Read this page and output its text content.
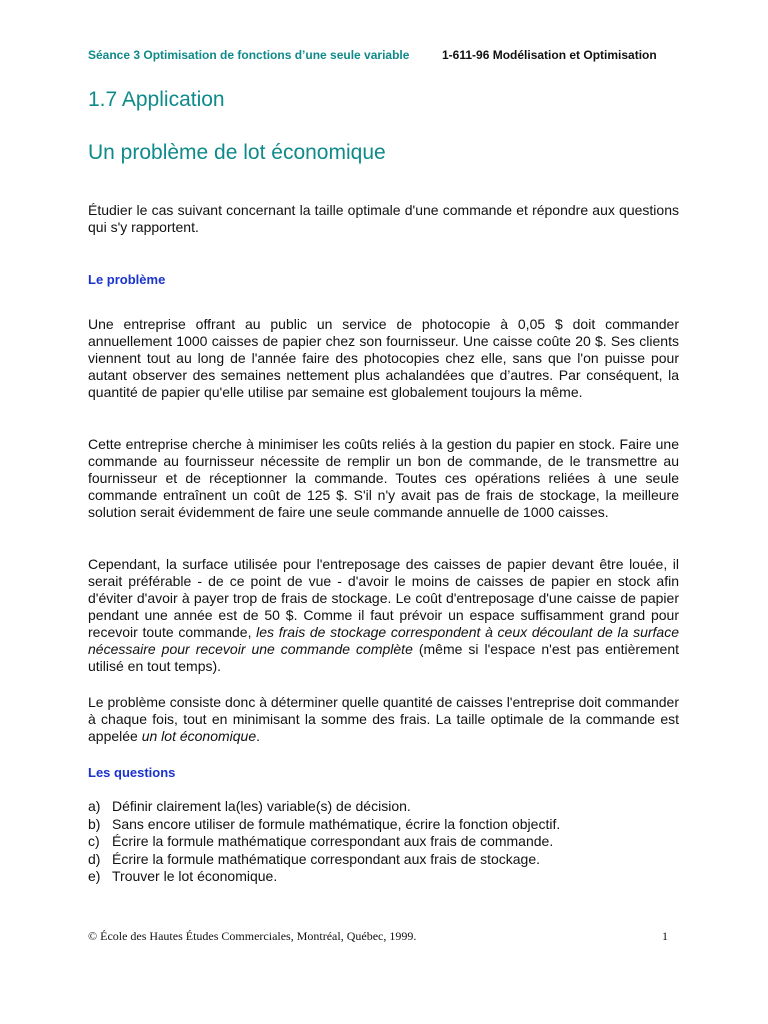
Séance 3 Optimisation de fonctions d’une seule variable	1-611-96 Modélisation et Optimisation
1.7 Application
Un problème de lot économique

Étudier le cas suivant concernant la taille optimale d'une commande et répondre aux questions qui s'y rapportent.

Le problème

Une entreprise offrant au public un service de photocopie à 0,05 $ doit commander annuellement 1000 caisses de papier chez son fournisseur. Une caisse coûte 20 $. Ses clients viennent tout au long de l'année faire des photocopies chez elle, sans que l'on puisse pour autant observer des semaines nettement plus achalandées que d’autres. Par conséquent, la quantité de papier qu'elle utilise par semaine est globalement toujours la même.

Cette entreprise cherche à minimiser les coûts reliés à la gestion du papier en stock. Faire une commande au fournisseur nécessite de remplir un bon de commande, de le transmettre au fournisseur et de réceptionner la commande. Toutes ces opérations reliées à une seule commande entraînent un coût de 125 $. S'il n'y avait pas de frais de stockage, la meilleure solution serait évidemment de faire une seule commande annuelle de 1000 caisses.

Cependant, la surface utilisée pour l'entreposage des caisses de papier devant être louée, il serait préférable - de ce point de vue - d'avoir le moins de caisses de papier en stock afin d'éviter d'avoir à payer trop de frais de stockage. Le coût d'entreposage d'une caisse de papier pendant une année est de 50 $. Comme il faut prévoir un espace suffisamment grand pour recevoir toute commande, les frais de stockage correspondent à ceux découlant de la surface nécessaire pour recevoir une commande complète (même si l'espace n'est pas entièrement utilisé en tout temps).

Le problème consiste donc à déterminer quelle quantité de caisses l'entreprise doit commander à chaque fois, tout en minimisant la somme des frais. La taille optimale de la commande est appelée un lot économique.

Les questions

a) Définir clairement la(les) variable(s) de décision.
b) Sans encore utiliser de formule mathématique, écrire la fonction objectif.
c) Écrire la formule mathématique correspondant aux frais de commande.
d) Écrire la formule mathématique correspondant aux frais de stockage.
e) Trouver le lot économique.
© École des Hautes Études Commerciales, Montréal, Québec, 1999.	1
